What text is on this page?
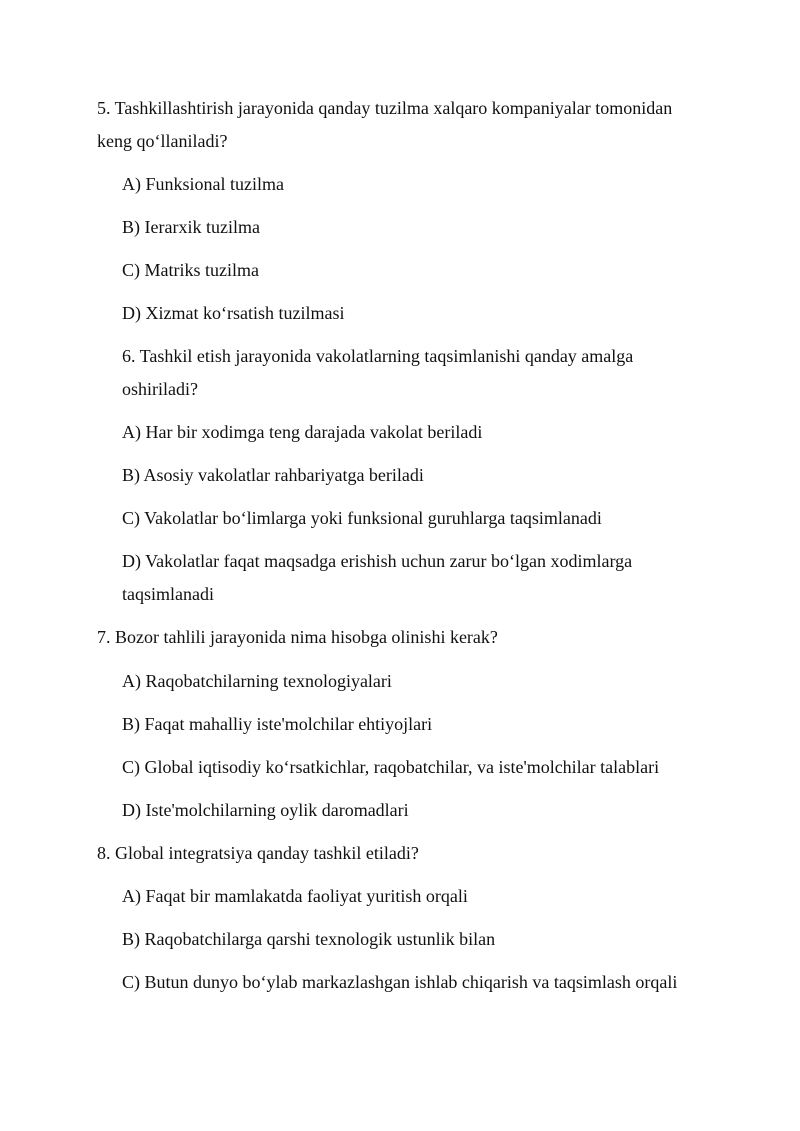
5. Tashkillashtirish jarayonida qanday tuzilma xalqaro kompaniyalar tomonidan
keng qo‘llaniladi?
A) Funksional tuzilma
B) Ierarxik tuzilma
C) Matriks tuzilma
D) Xizmat ko‘rsatish tuzilmasi
6. Tashkil etish jarayonida vakolatlarning taqsimlanishi qanday amalga
oshiriladi?
A) Har bir xodimga teng darajada vakolat beriladi
B) Asosiy vakolatlar rahbariyatga beriladi
C) Vakolatlar bo‘limlarga yoki funksional guruhlarga taqsimlanadi
D) Vakolatlar faqat maqsadga erishish uchun zarur bo‘lgan xodimlarga
taqsimlanadi
7. Bozor tahlili jarayonida nima hisobga olinishi kerak?
A) Raqobatchilarning texnologiyalari
B) Faqat mahalliy iste'molchilar ehtiyojlari
C) Global iqtisodiy ko‘rsatkichlar, raqobatchilar, va iste'molchilar talablari
D) Iste'molchilarning oylik daromadlari
8. Global integratsiya qanday tashkil etiladi?
A) Faqat bir mamlakatda faoliyat yuritish orqali
B) Raqobatchilarga qarshi texnologik ustunlik bilan
C) Butun dunyo bo‘ylab markazlashgan ishlab chiqarish va taqsimlash orqali
